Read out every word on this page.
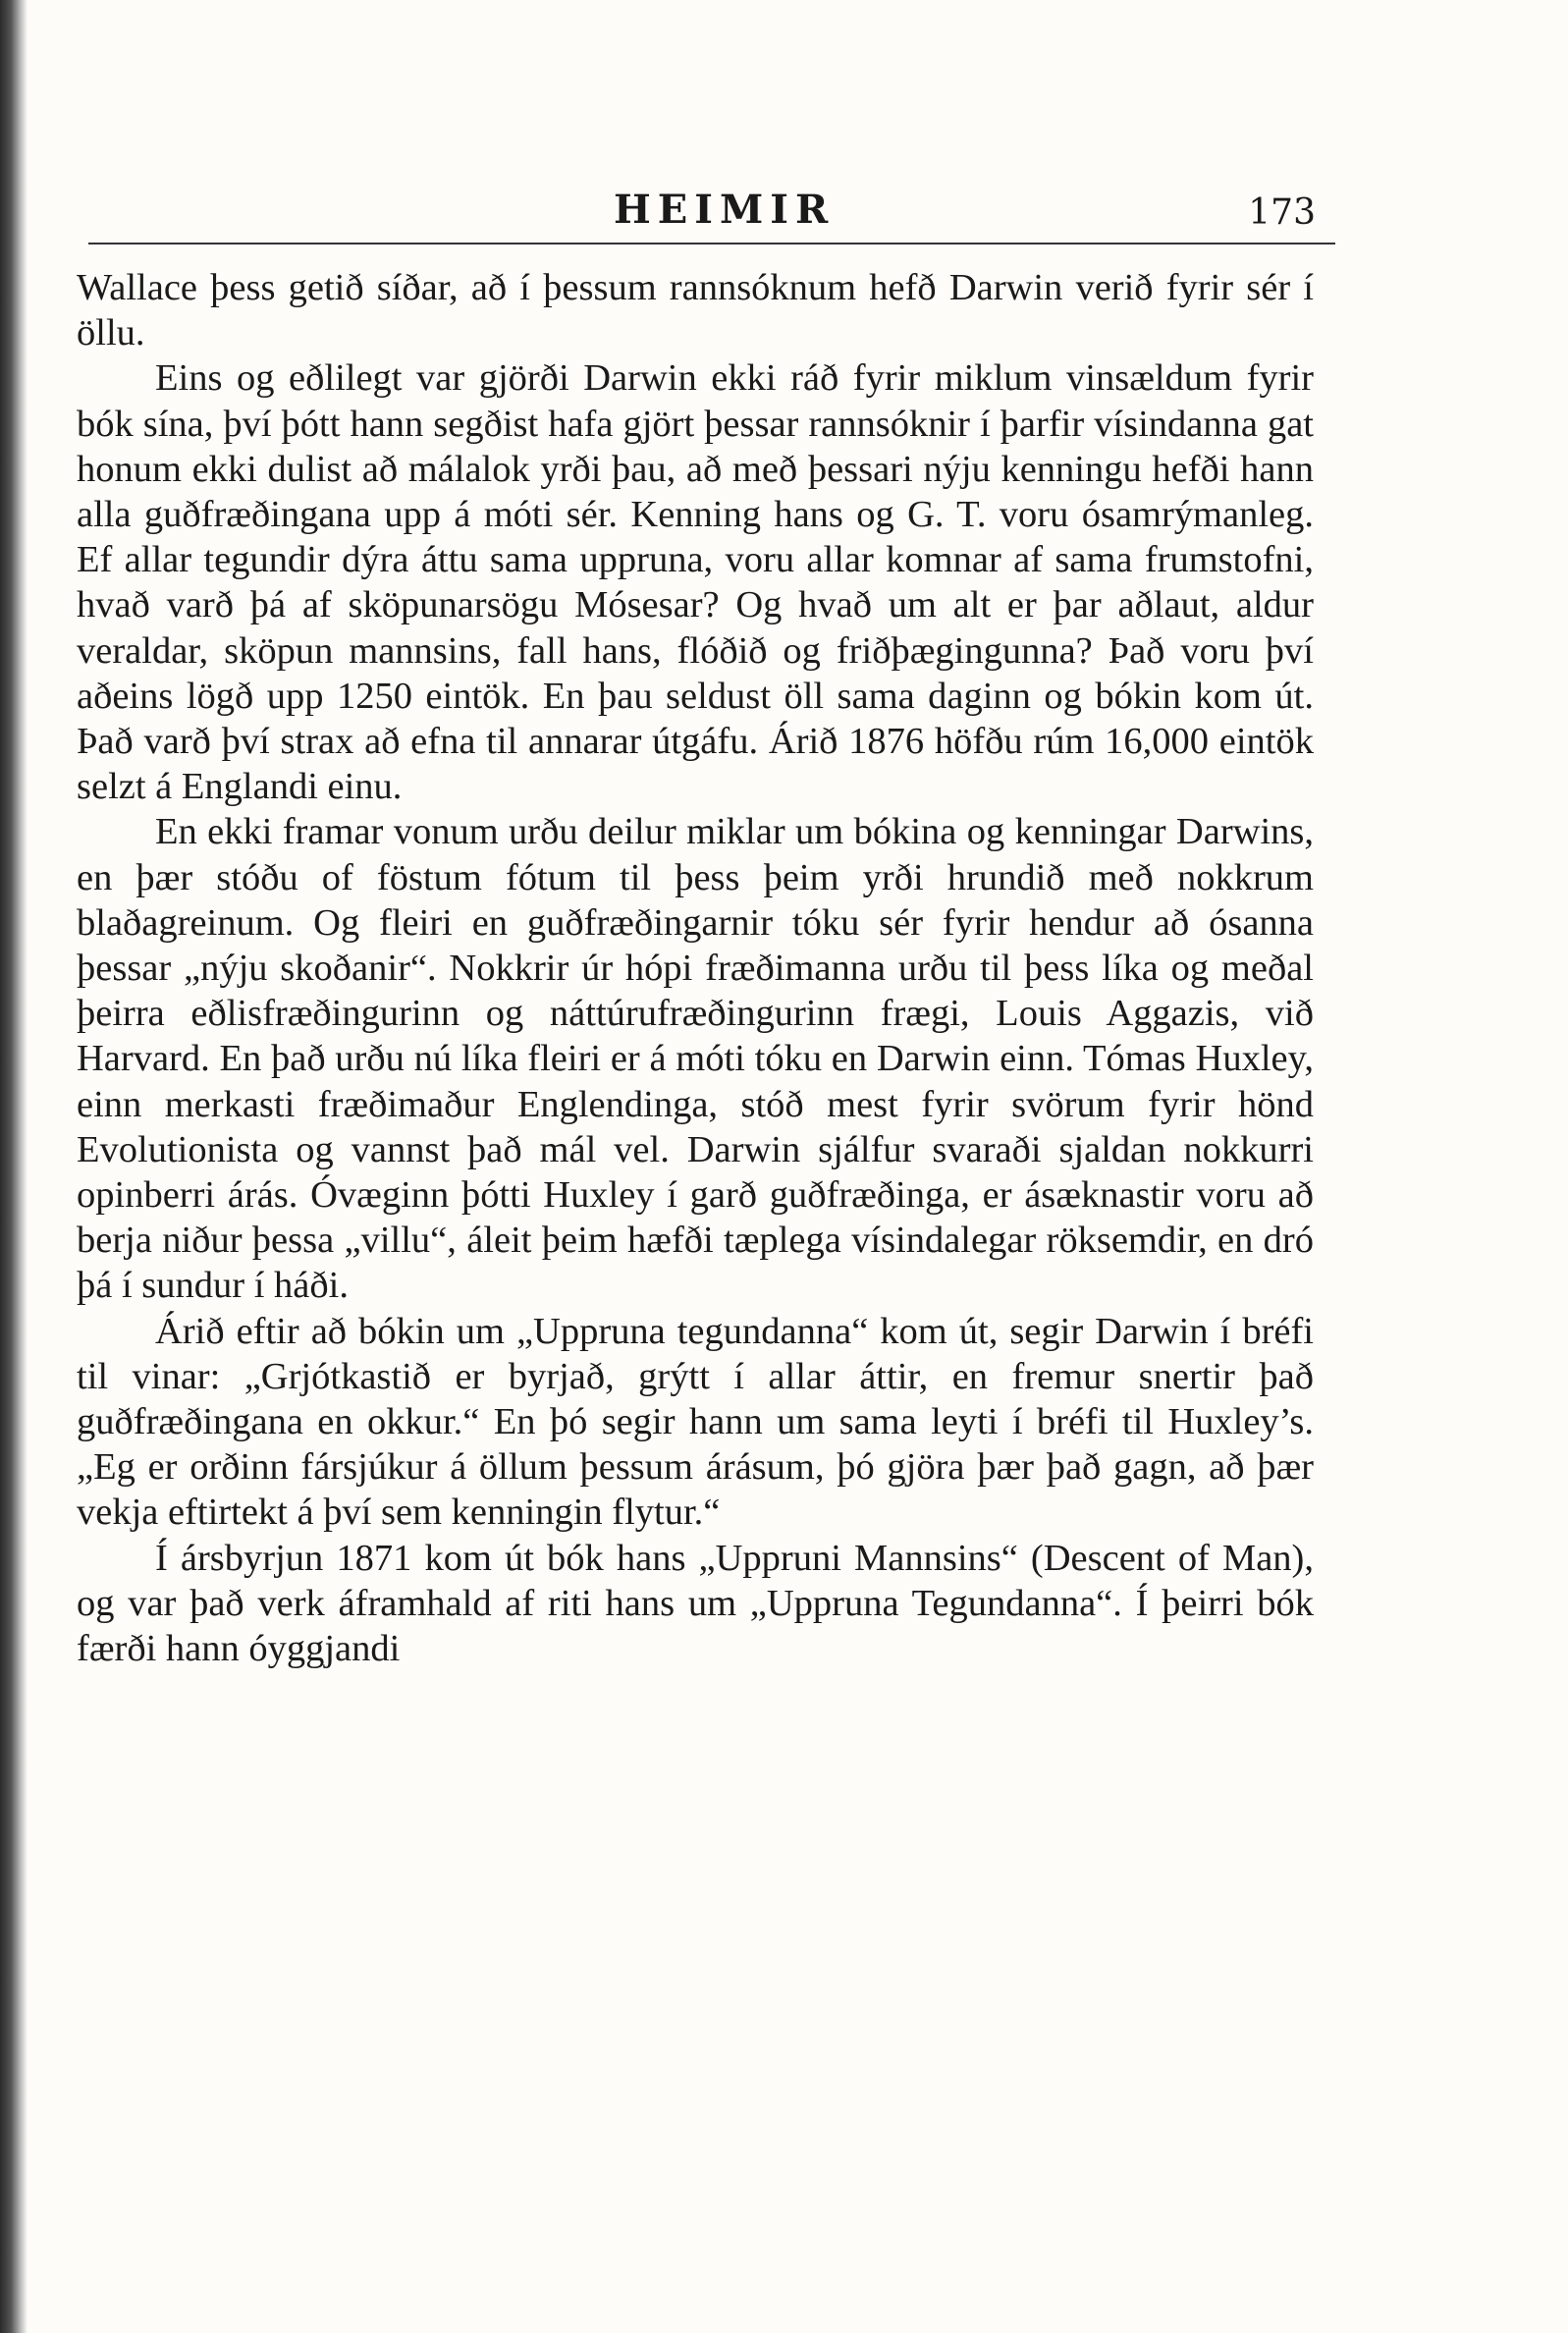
HEIMIR	173

Wallace þess getið síðar, að í þessum rannsóknum hefð Darwin verið fyrir sér í öllu.

Eins og eðlilegt var gjörði Darwin ekki ráð fyrir miklum vinsældum fyrir bók sína, því þótt hann segðist hafa gjört þessar rannsóknir í þarfir vísindanna gat honum ekki dulist að málalok yrði þau, að með þessari nýju kenningu hefði hann alla guðfræðingana upp á móti sér. Kenning hans og G. T. voru ósamrýmanleg. Ef allar tegundir dýra áttu sama uppruna, voru allar komnar af sama frumstofni, hvað varð þá af sköpunarsögu Mósesar? Og hvað um alt er þar aðlaut, aldur veraldar, sköpun mannsins, fall hans, flóðið og friðþægingunna? Það voru því aðeins lögð upp 1250 eintök. En þau seldust öll sama daginn og bókin kom út. Það varð því strax að efna til annarar útgáfu. Árið 1876 höfðu rúm 16,000 eintök selzt á Englandi einu.

En ekki framar vonum urðu deilur miklar um bókina og kenningar Darwins, en þær stóðu of föstum fótum til þess þeim yrði hrundið með nokkrum blaðagreinum. Og fleiri en guðfræðingarnir tóku sér fyrir hendur að ósanna þessar „nýju skoðanir“. Nokkrir úr hópi fræðimanna urðu til þess líka og meðal þeirra eðlisfræðingurinn og náttúrufræðingurinn frægi, Louis Aggazis, við Harvard. En það urðu nú líka fleiri er á móti tóku en Darwin einn. Tómas Huxley, einn merkasti fræðimaður Englendinga, stóð mest fyrir svörum fyrir hönd Evolutionista og vannst það mál vel. Darwin sjálfur svaraði sjaldan nokkurri opinberri árás. Óvæginn þótti Huxley í garð guðfræðinga, er ásæknastir voru að berja niður þessa „villu“, áleit þeim hæfði tæplega vísindalegar röksemdir, en dró þá í sundur í háði.

Árið eftir að bókin um „Uppruna tegundanna“ kom út, segir Darwin í bréfi til vinar: „Grjótkastið er byrjað, grýtt í allar áttir, en fremur snertir það guðfræðingana en okkur.“ En þó segir hann um sama leyti í bréfi til Huxley’s. „Eg er orðinn fársjúkur á öllum þessum árásum, þó gjöra þær það gagn, að þær vekja eftirtekt á því sem kenningin flytur.“

Í ársbyrjun 1871 kom út bók hans „Uppruni Mannsins“ (Descent of Man), og var það verk áframhald af riti hans um „Uppruna Tegundanna“. Í þeirri bók færði hann óyggjandi
